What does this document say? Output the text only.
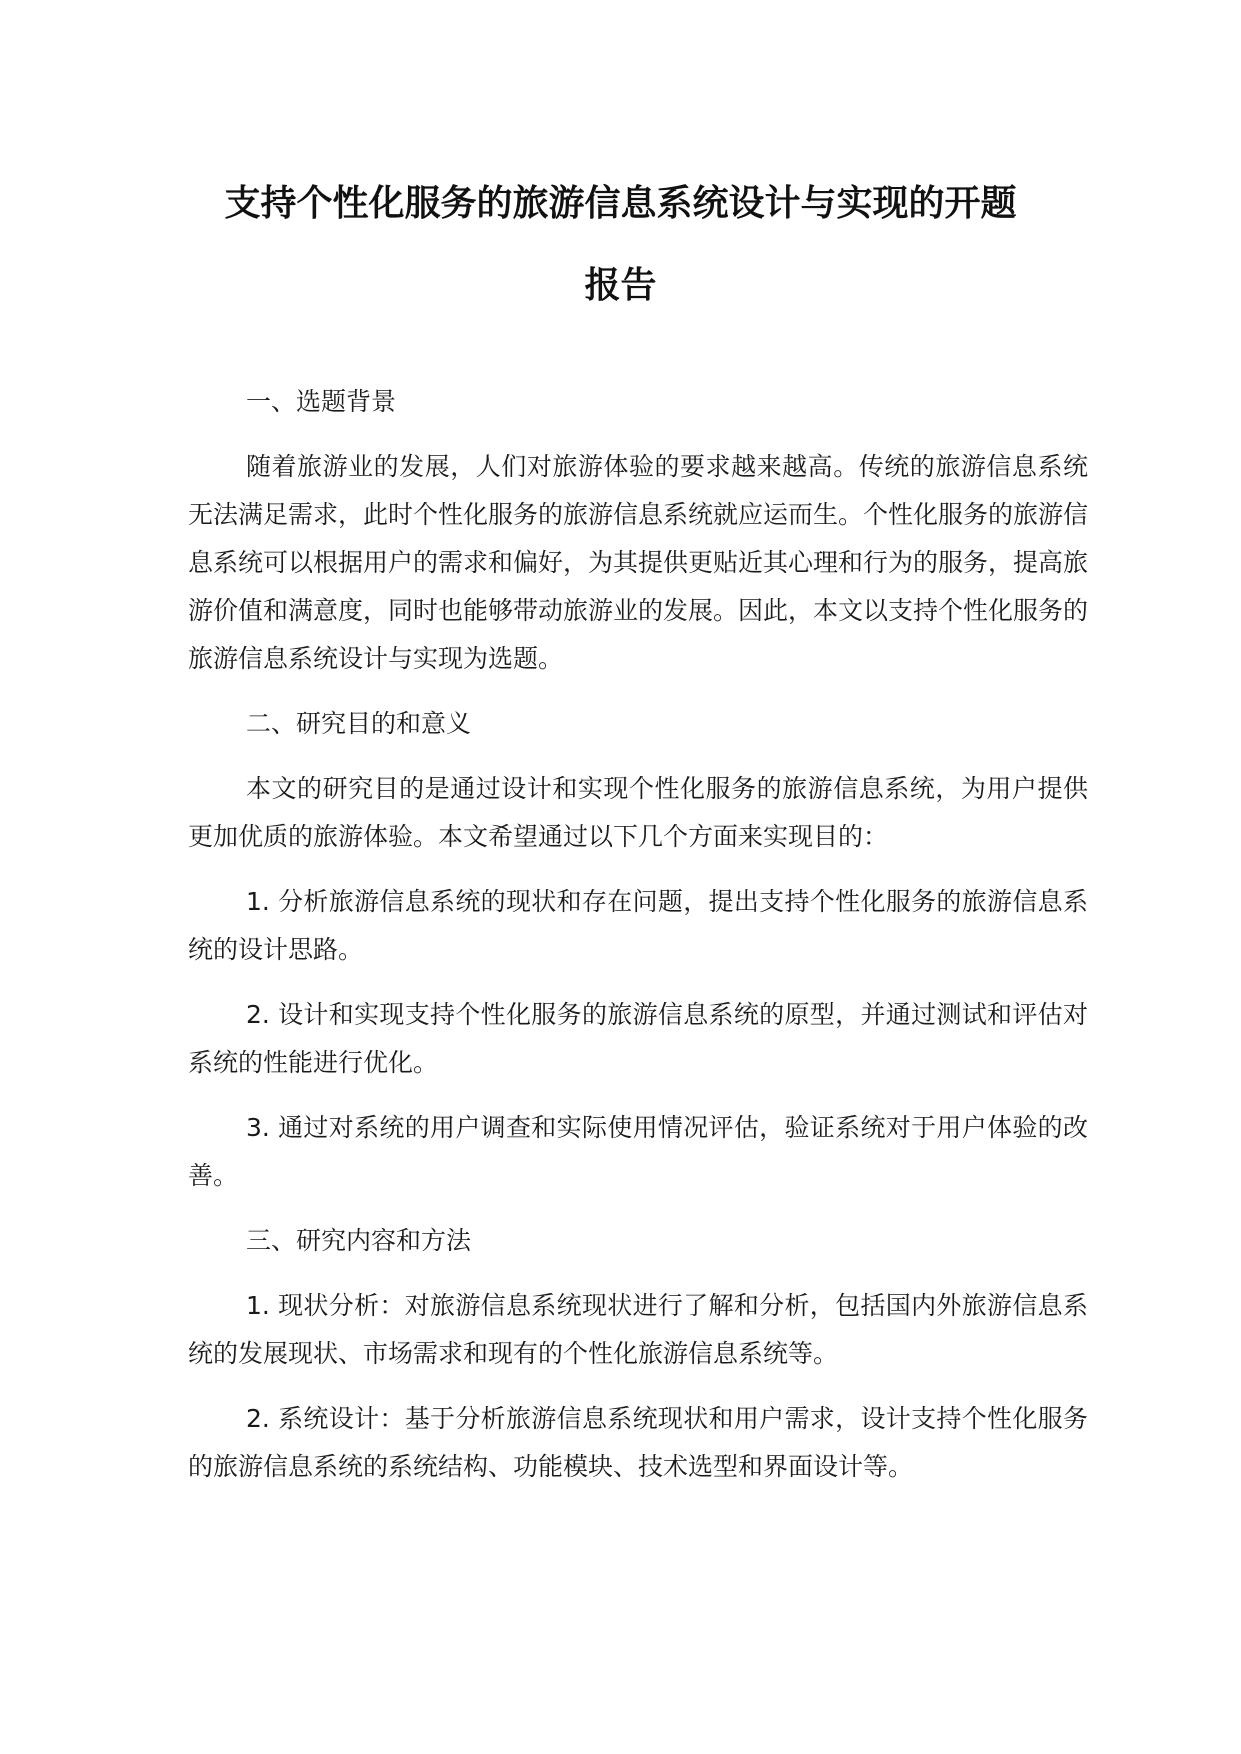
支持个性化服务的旅游信息系统设计与实现的开题
报告

一、选题背景

随着旅游业的发展，人们对旅游体验的要求越来越高。传统的旅游信息系统无法满足需求，此时个性化服务的旅游信息系统就应运而生。个性化服务的旅游信息系统可以根据用户的需求和偏好，为其提供更贴近其心理和行为的服务，提高旅游价值和满意度，同时也能够带动旅游业的发展。因此，本文以支持个性化服务的旅游信息系统设计与实现为选题。

二、研究目的和意义

本文的研究目的是通过设计和实现个性化服务的旅游信息系统，为用户提供更加优质的旅游体验。本文希望通过以下几个方面来实现目的：

1. 分析旅游信息系统的现状和存在问题，提出支持个性化服务的旅游信息系统的设计思路。

2. 设计和实现支持个性化服务的旅游信息系统的原型，并通过测试和评估对系统的性能进行优化。

3. 通过对系统的用户调查和实际使用情况评估，验证系统对于用户体验的改善。

三、研究内容和方法

1. 现状分析：对旅游信息系统现状进行了解和分析，包括国内外旅游信息系统的发展现状、市场需求和现有的个性化旅游信息系统等。

2. 系统设计：基于分析旅游信息系统现状和用户需求，设计支持个性化服务的旅游信息系统的系统结构、功能模块、技术选型和界面设计等。
